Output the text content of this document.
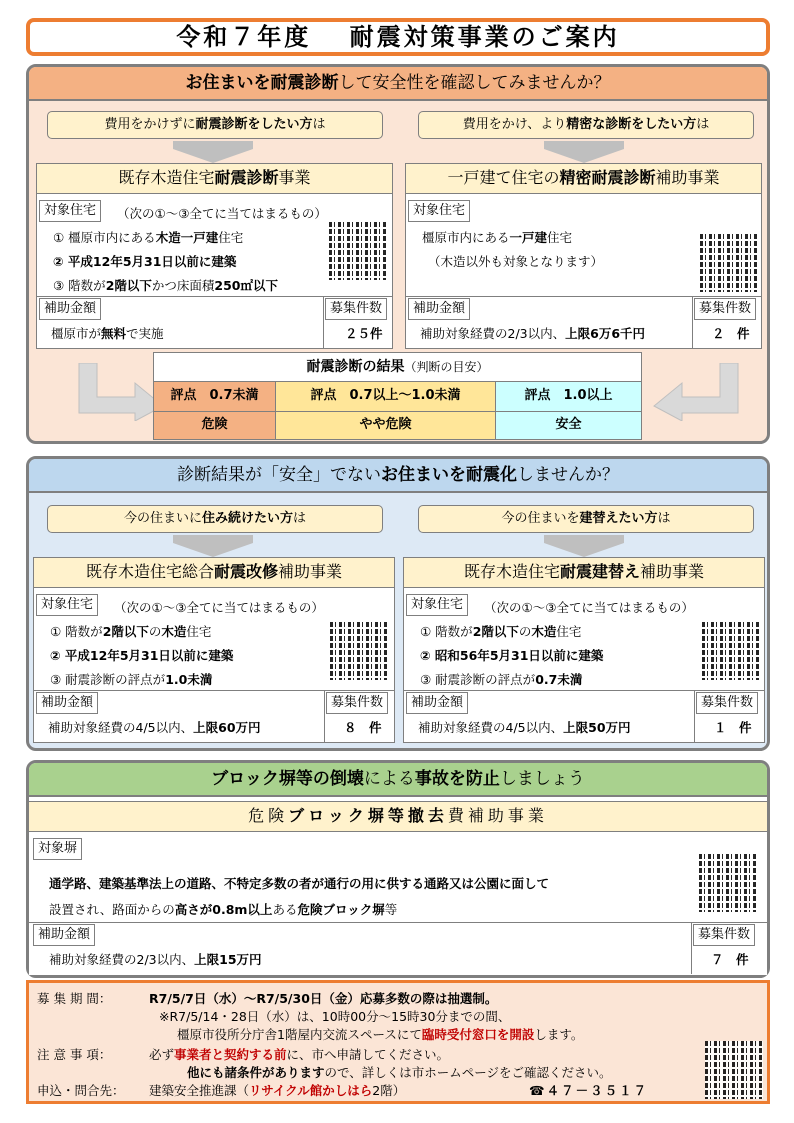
令和７年度　 耐震対策事業のご案内
お住まいを耐震診断して安全性を確認してみませんか？
費用をかけずに耐震診断をしたい方は	費用をかけ、より精密な診断をしたい方は
既存木造住宅耐震診断事業
対象住宅	（次の①～③全てに当てはまるもの）
① 橿原市内にある木造一戸建住宅
② 平成12年5月31日以前に建築
③ 階数が2階以下かつ床面積250㎡以下
補助金額	募集件数
橿原市が無料で実施	２５件
一戸建て住宅の精密耐震診断補助事業
対象住宅
橿原市内にある一戸建住宅
（木造以外も対象となります）
補助金額	募集件数
補助対象経費の2/3以内、上限6万6千円	２　件
耐震診断の結果（判断の目安）
評点　0.7未満	評点　0.7以上～1.0未満	評点　1.0以上
危険	やや危険	安全
診断結果が「安全」でないお住まいを耐震化しませんか？
今の住まいに住み続けたい方は	今の住まいを建替えたい方は
既存木造住宅総合耐震改修補助事業
対象住宅	（次の①～③全てに当てはまるもの）
① 階数が2階以下の木造住宅
② 平成12年5月31日以前に建築
③ 耐震診断の評点が1.0未満
補助金額	募集件数
補助対象経費の4/5以内、上限60万円	８　件
既存木造住宅耐震建替え補助事業
対象住宅	（次の①～③全てに当てはまるもの）
① 階数が2階以下の木造住宅
② 昭和56年5月31日以前に建築
③ 耐震診断の評点が0.7未満
補助金額	募集件数
補助対象経費の4/5以内、上限50万円	１　件
ブロック塀等の倒壊による事故を防止しましょう
危険ブロック塀等撤去費補助事業
対象塀
通学路、建築基準法上の道路、不特定多数の者が通行の用に供する通路又は公園に面して
設置され、路面からの高さが0.8m以上ある危険ブロック塀等
補助金額	募集件数
補助対象経費の2/3以内、上限15万円	７　件
募 集 期 間：	R7/5/7日（水）～R7/5/30日（金）応募多数の際は抽選制。
※R7/5/14・28日（水）は、10時00分～15時30分までの間、
橿原市役所分庁舎1階屋内交流スペースにて臨時受付窓口を開設します。
注 意 事 項：	必ず事業者と契約する前に、市へ申請してください。
他にも諸条件がありますので、詳しくは市ホームページをご確認ください。
申込・問合先： 建築安全推進課（リサイクル館かしはら2階）	☎４７－３５１７
